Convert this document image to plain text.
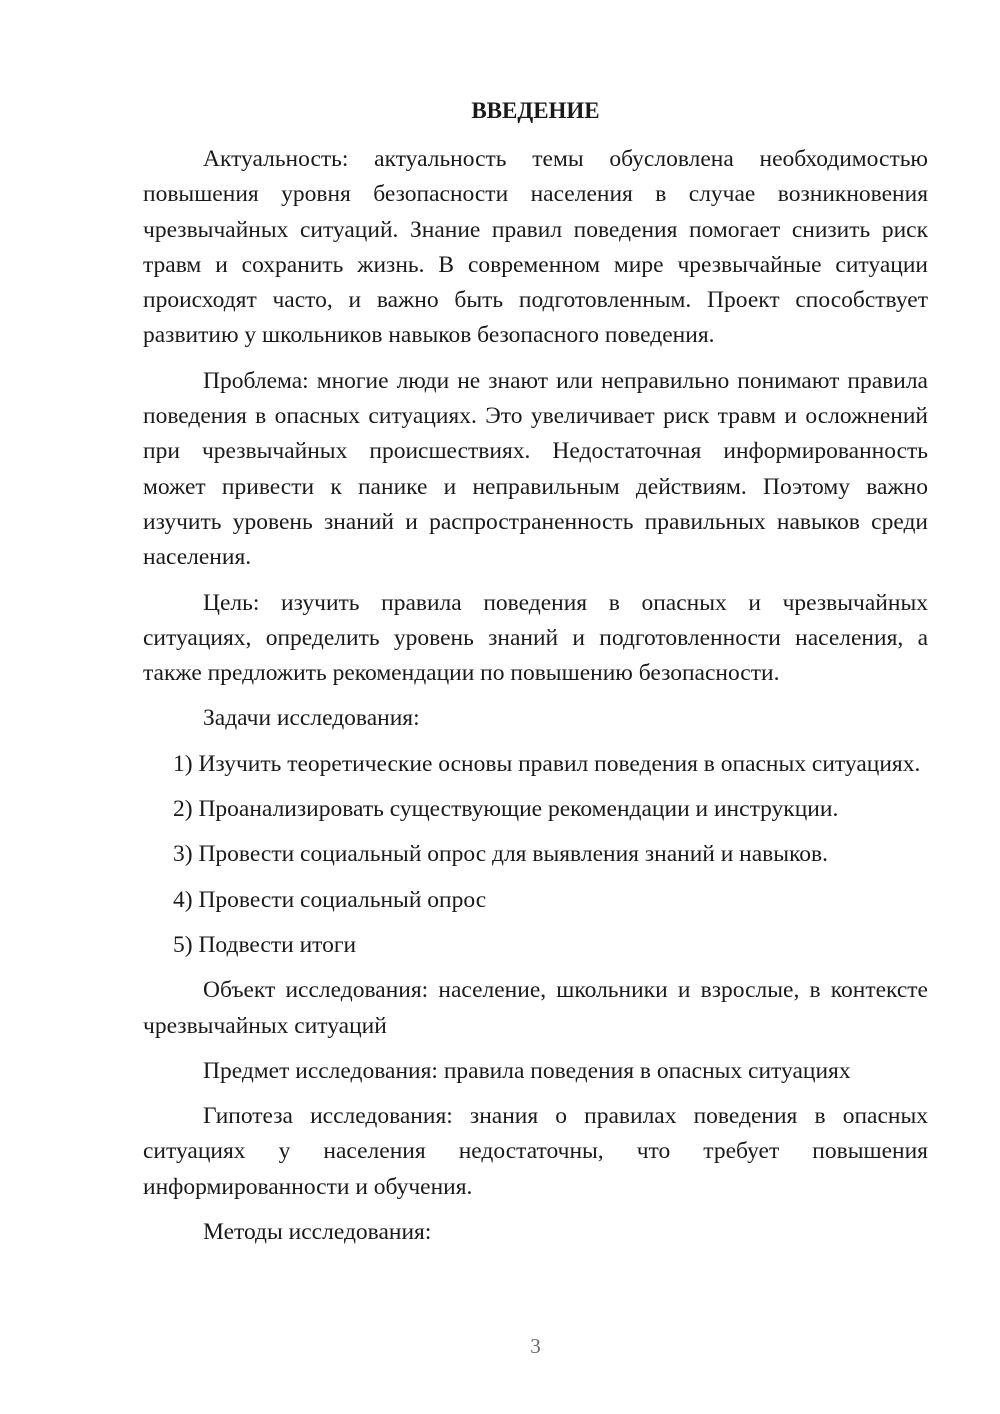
ВВЕДЕНИЕ

Актуальность: актуальность темы обусловлена необходимостью повышения уровня безопасности населения в случае возникновения чрезвычайных ситуаций. Знание правил поведения помогает снизить риск травм и сохранить жизнь. В современном мире чрезвычайные ситуации происходят часто, и важно быть подготовленным. Проект способствует развитию у школьников навыков безопасного поведения.

Проблема: многие люди не знают или неправильно понимают правила поведения в опасных ситуациях. Это увеличивает риск травм и осложнений при чрезвычайных происшествиях. Недостаточная информированность может привести к панике и неправильным действиям. Поэтому важно изучить уровень знаний и распространенность правильных навыков среди населения.

Цель: изучить правила поведения в опасных и чрезвычайных ситуациях, определить уровень знаний и подготовленности населения, а также предложить рекомендации по повышению безопасности.

Задачи исследования:

1) Изучить теоретические основы правил поведения в опасных ситуациях.

2) Проанализировать существующие рекомендации и инструкции.

3) Провести социальный опрос для выявления знаний и навыков.

4) Провести социальный опрос

5) Подвести итоги

Объект исследования: население, школьники и взрослые, в контексте чрезвычайных ситуаций

Предмет исследования: правила поведения в опасных ситуациях

Гипотеза исследования: знания о правилах поведения в опасных ситуациях у населения недостаточны, что требует повышения информированности и обучения.

Методы исследования:

3
